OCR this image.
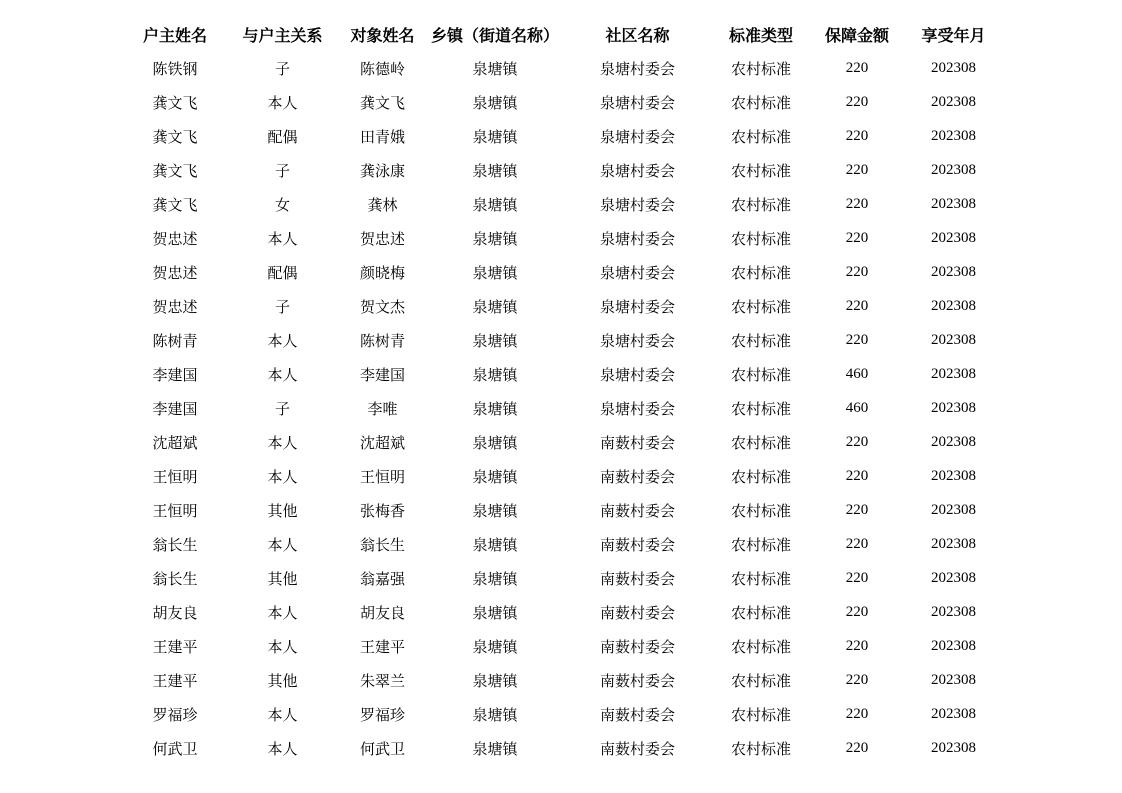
户主姓名	与户主关系	对象姓名	乡镇（街道名称）	社区名称	标准类型	保障金额	享受年月
陈铁钢	子	陈德岭	泉塘镇	泉塘村委会	农村标准	220	202308
龚文飞	本人	龚文飞	泉塘镇	泉塘村委会	农村标准	220	202308
龚文飞	配偶	田青娥	泉塘镇	泉塘村委会	农村标准	220	202308
龚文飞	子	龚泳康	泉塘镇	泉塘村委会	农村标准	220	202308
龚文飞	女	龚林	泉塘镇	泉塘村委会	农村标准	220	202308
贺忠述	本人	贺忠述	泉塘镇	泉塘村委会	农村标准	220	202308
贺忠述	配偶	颜晓梅	泉塘镇	泉塘村委会	农村标准	220	202308
贺忠述	子	贺文杰	泉塘镇	泉塘村委会	农村标准	220	202308
陈树青	本人	陈树青	泉塘镇	泉塘村委会	农村标准	220	202308
李建国	本人	李建国	泉塘镇	泉塘村委会	农村标准	460	202308
李建国	子	李唯	泉塘镇	泉塘村委会	农村标准	460	202308
沈超斌	本人	沈超斌	泉塘镇	南薮村委会	农村标准	220	202308
王恒明	本人	王恒明	泉塘镇	南薮村委会	农村标准	220	202308
王恒明	其他	张梅香	泉塘镇	南薮村委会	农村标准	220	202308
翁长生	本人	翁长生	泉塘镇	南薮村委会	农村标准	220	202308
翁长生	其他	翁嘉强	泉塘镇	南薮村委会	农村标准	220	202308
胡友良	本人	胡友良	泉塘镇	南薮村委会	农村标准	220	202308
王建平	本人	王建平	泉塘镇	南薮村委会	农村标准	220	202308
王建平	其他	朱翠兰	泉塘镇	南薮村委会	农村标准	220	202308
罗福珍	本人	罗福珍	泉塘镇	南薮村委会	农村标准	220	202308
何武卫	本人	何武卫	泉塘镇	南薮村委会	农村标准	220	202308
